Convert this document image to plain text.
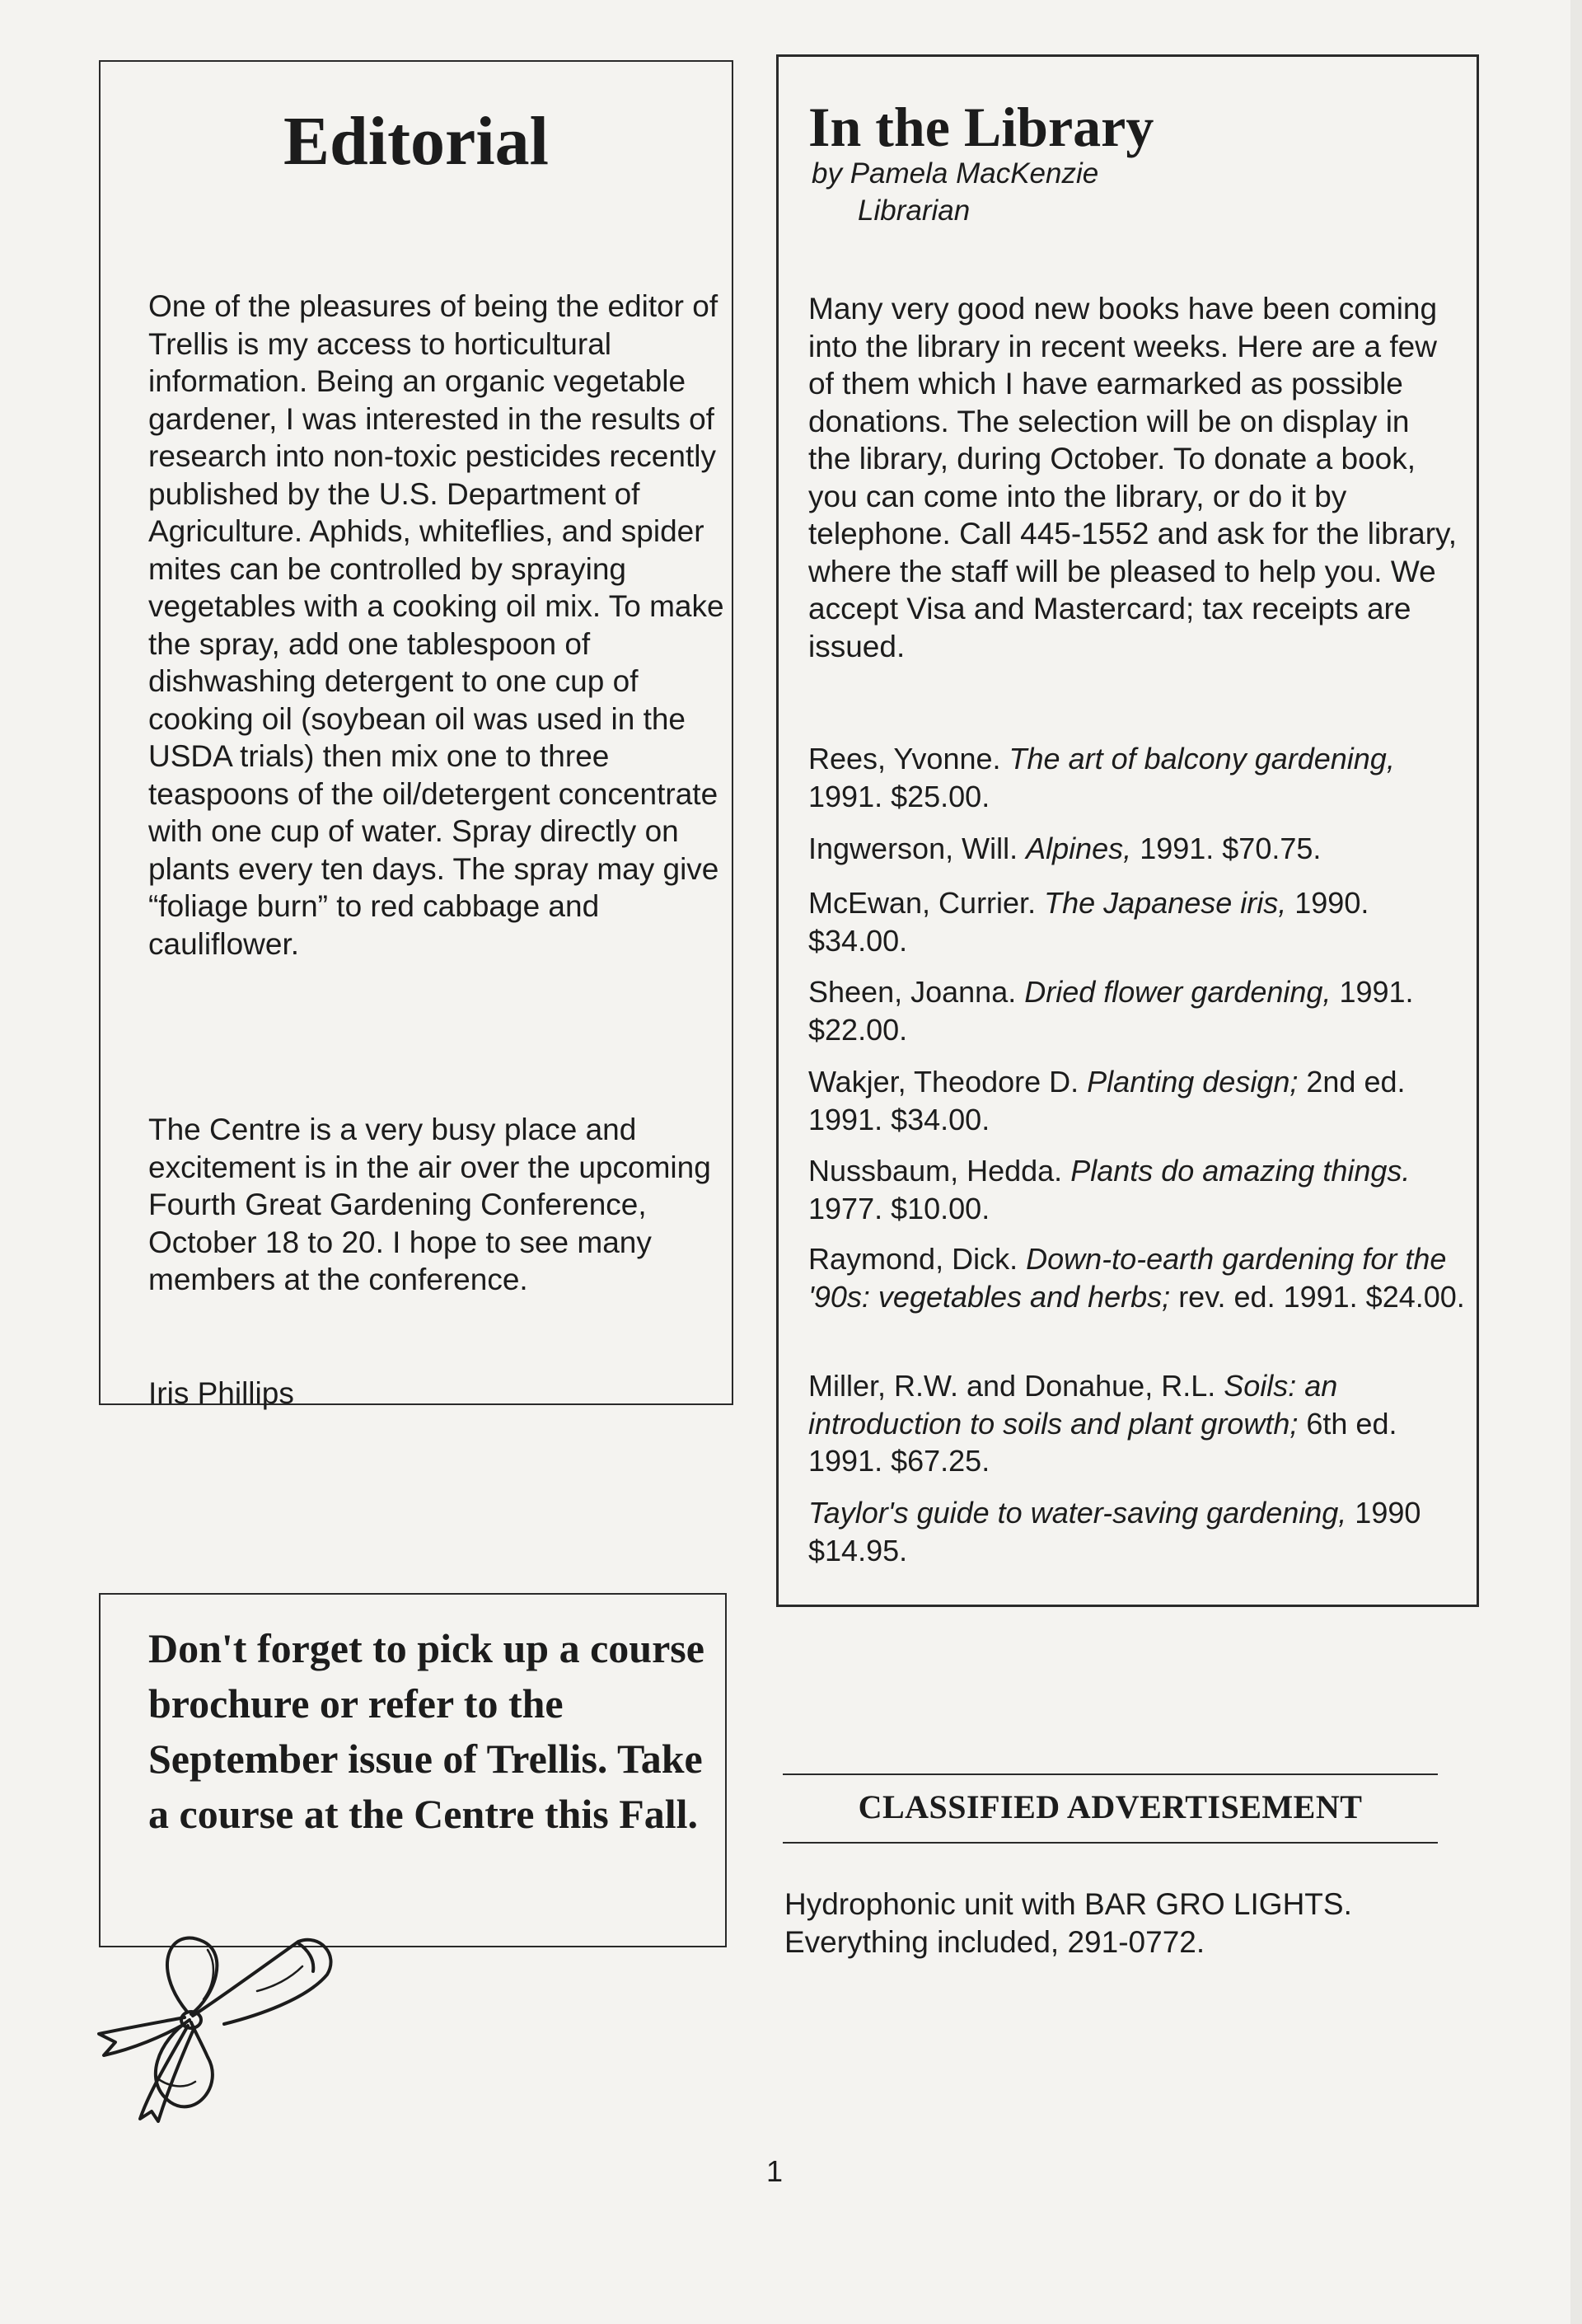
Editorial

One of the pleasures of being the editor of Trellis is my access to horticultural information. Being an organic vegetable gardener, I was interested in the results of research into non-toxic pesticides recently published by the U.S. Department of Agriculture. Aphids, whiteflies, and spider mites can be controlled by spraying vegetables with a cooking oil mix. To make the spray, add one tablespoon of dishwashing detergent to one cup of cooking oil (soybean oil was used in the USDA trials) then mix one to three teaspoons of the oil/detergent concentrate with one cup of water. Spray directly on plants every ten days. The spray may give “foliage burn” to red cabbage and cauliflower.

The Centre is a very busy place and excitement is in the air over the upcoming Fourth Great Gardening Conference, October 18 to 20. I hope to see many members at the conference.

Iris Phillips

In the Library
by Pamela MacKenzie
Librarian

Many very good new books have been coming into the library in recent weeks. Here are a few of them which I have earmarked as possible donations. The selection will be on display in the library, during October. To donate a book, you can come into the library, or do it by telephone. Call 445-1552 and ask for the library, where the staff will be pleased to help you. We accept Visa and Mastercard; tax receipts are issued.

Rees, Yvonne. The art of balcony gardening, 1991. $25.00.

Ingwerson, Will. Alpines, 1991. $70.75.

McEwan, Currier. The Japanese iris, 1990. $34.00.

Sheen, Joanna. Dried flower gardening, 1991. $22.00.

Wakjer, Theodore D. Planting design; 2nd ed. 1991. $34.00.

Nussbaum, Hedda. Plants do amazing things. 1977. $10.00.

Raymond, Dick. Down-to-earth gardening for the '90s: vegetables and herbs; rev. ed. 1991. $24.00.

Miller, R.W. and Donahue, R.L. Soils: an introduction to soils and plant growth; 6th ed. 1991. $67.25.

Taylor's guide to water-saving gardening, 1990 $14.95.

Don't forget to pick up a course brochure or refer to the September issue of Trellis. Take a course at the Centre this Fall.	CLASSIFIED ADVERTISEMENT

Hydrophonic unit with BAR GRO LIGHTS. Everything included, 291-0772.

1
